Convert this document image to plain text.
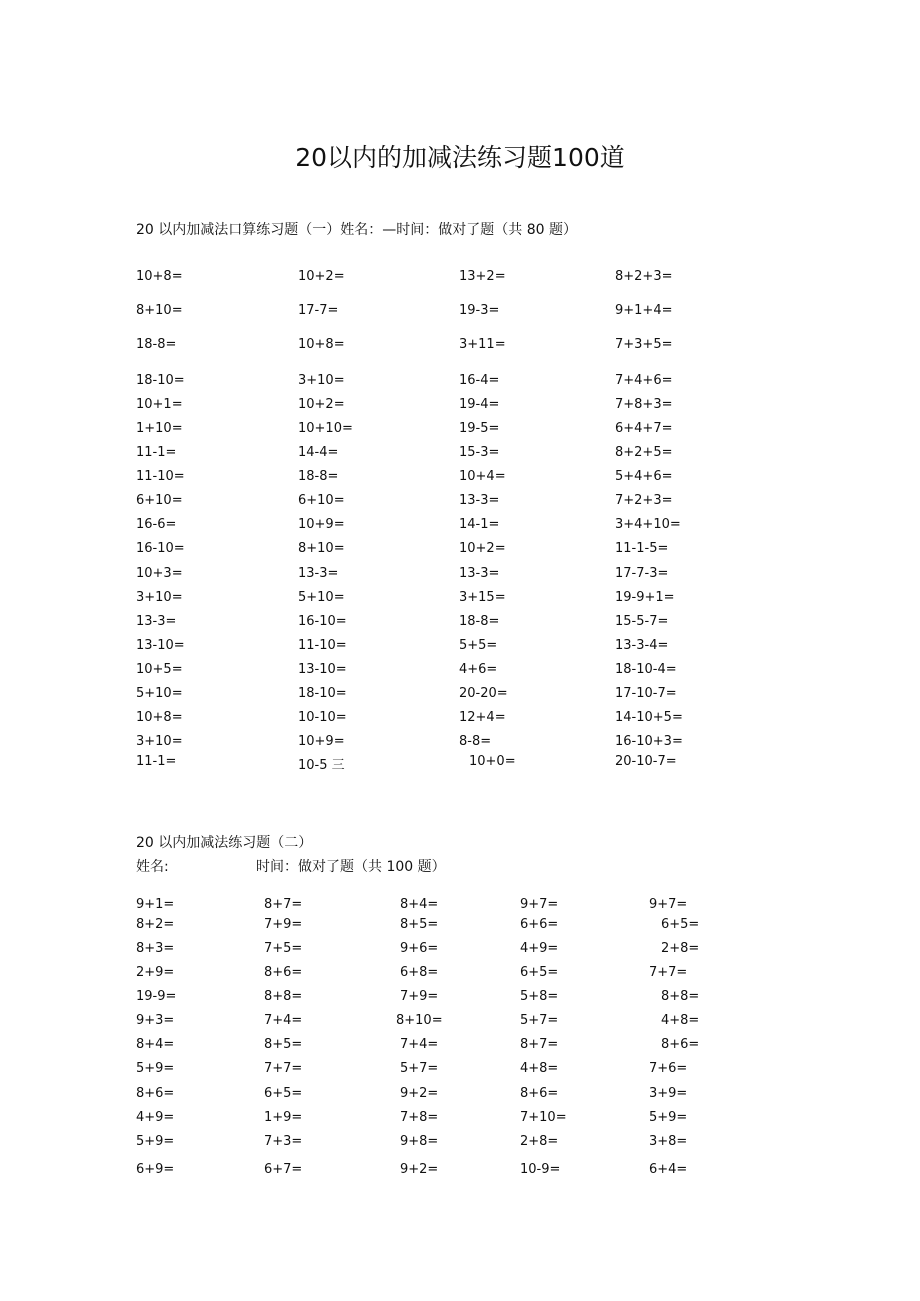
20以内的加减法练习题100道
20 以内加减法口算练习题（一）姓名：—时间：做对了题（共 80 题）
10+8=	10+2=	13+2=	8+2+3=
8+10=	17-7=	19-3=	9+1+4=
18-8=	10+8=	3+11=	7+3+5=
18-10=	3+10=	16-4=	7+4+6=
10+1=	10+2=	19-4=	7+8+3=
1+10=	10+10=	19-5=	6+4+7=
11-1=	14-4=	15-3=	8+2+5=
11-10=	18-8=	10+4=	5+4+6=
6+10=	6+10=	13-3=	7+2+3=
16-6=	10+9=	14-1=	3+4+10=
16-10=	8+10=	10+2=	11-1-5=
10+3=	13-3=	13-3=	17-7-3=
3+10=	5+10=	3+15=	19-9+1=
13-3=	16-10=	18-8=	15-5-7=
13-10=	11-10=	5+5=	13-3-4=
10+5=	13-10=	4+6=	18-10-4=
5+10=	18-10=	20-20=	17-10-7=
10+8=	10-10=	12+4=	14-10+5=
3+10=	10+9=	8-8=	16-10+3=
11-1=	10-5 三	10+0=	20-10-7=
20 以内加减法练习题（二）
姓名:	时间：做对了题（共 100 题）
9+1=	8+7=	8+4=	9+7=	9+7=
8+2=	7+9=	8+5=	6+6=	6+5=
8+3=	7+5=	9+6=	4+9=	2+8=
2+9=	8+6=	6+8=	6+5=	7+7=
19-9=	8+8=	7+9=	5+8=	8+8=
9+3=	7+4=	8+10=	5+7=	4+8=
8+4=	8+5=	7+4=	8+7=	8+6=
5+9=	7+7=	5+7=	4+8=	7+6=
8+6=	6+5=	9+2=	8+6=	3+9=
4+9=	1+9=	7+8=	7+10=	5+9=
5+9=	7+3=	9+8=	2+8=	3+8=
6+9=	6+7=	9+2=	10-9=	6+4=
